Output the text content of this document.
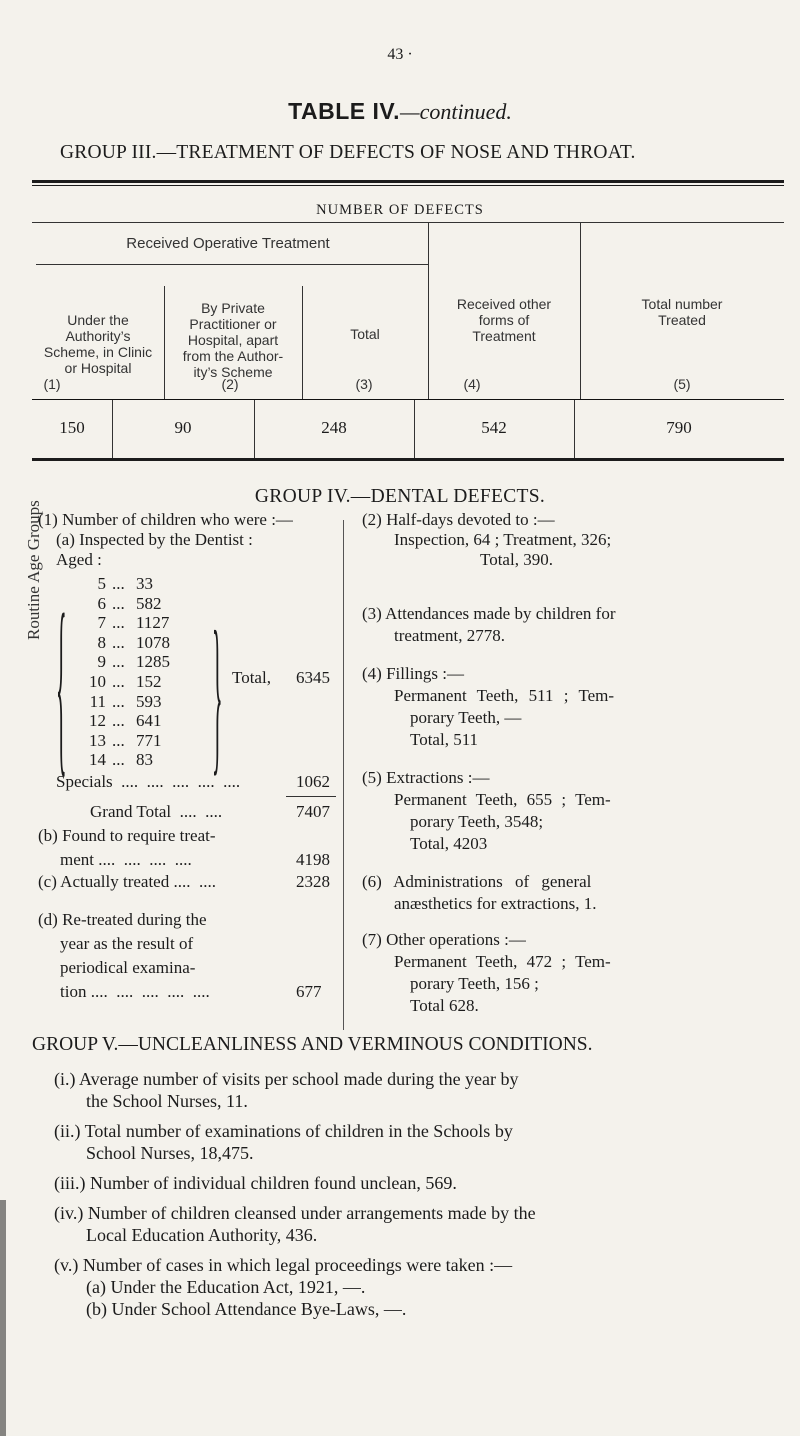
43 ·
TABLE IV.—continued.
GROUP III.—TREATMENT OF DEFECTS OF NOSE AND THROAT.
NUMBER OF DEFECTS
Received Operative Treatment
Under the
Authority’s
Scheme, in Clinic
or Hospital
By Private
Practitioner or
Hospital, apart
from the Author-
ity’s Scheme
Total
Received other
forms of
Treatment
Total number
Treated
(1)	(2)	(3)	(4)	(5)
150	90	248	542	790
GROUP IV.—DENTAL DEFECTS.
(1) Number of children who were :—
(a) Inspected by the Dentist :
Aged :
Routine Age Groups {	5 ... 33
6 ... 582
7 ... 1127
8 ... 1078
9 ... 1285
10 ... 152
11 ... 593
12 ... 641
13 ... 771
14 ... 83	} Total, 6345
Specials  ....  ....  ....  ....  ....	1062
Grand Total  ....  ....	7407
(b) Found to require treat-
ment ....  ....  ....  ....	4198
(c) Actually treated ....  ....	2328
(d) Re-treated during the
year as the result of
periodical examina-
tion ....  ....  ....  ....  ....	677
(2) Half-days devoted to :—
Inspection, 64 ; Treatment, 326;
Total, 390.
(3) Attendances made by children for
treatment, 2778.
(4) Fillings :—
Permanent Teeth, 511 ; Tem-
porary Teeth, —
Total, 511
(5) Extractions :—
Permanent Teeth, 655 ; Tem-
porary Teeth, 3548;
Total, 4203
(6) Administrations of general
anæsthetics for extractions, 1.
(7) Other operations :—
Permanent Teeth, 472 ; Tem-
porary Teeth, 156 ;
Total 628.
GROUP V.—UNCLEANLINESS AND VERMINOUS CONDITIONS.
(i.) Average number of visits per school made during the year by
the School Nurses, 11.
(ii.) Total number of examinations of children in the Schools by
School Nurses, 18,475.
(iii.) Number of individual children found unclean, 569.
(iv.) Number of children cleansed under arrangements made by the
Local Education Authority, 436.
(v.) Number of cases in which legal proceedings were taken :—
(a) Under the Education Act, 1921, —.
(b) Under School Attendance Bye-Laws, —.
